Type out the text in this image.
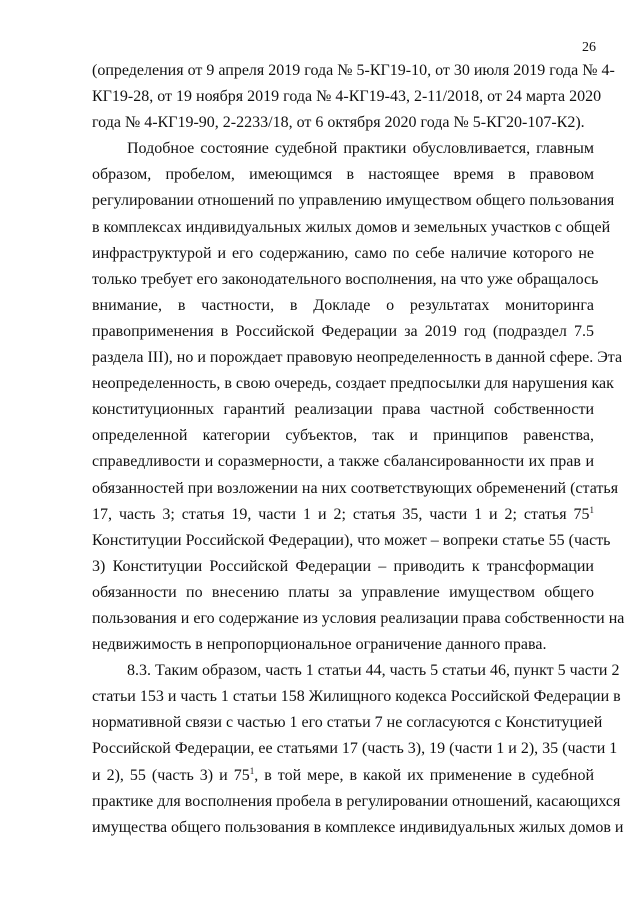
26
(определения от 9 апреля 2019 года № 5-КГ19-10, от 30 июля 2019 года № 4-
КГ19-28, от 19 ноября 2019 года № 4-КГ19-43, 2-11/2018, от 24 марта 2020
года № 4-КГ19-90, 2-2233/18, от 6 октября 2020 года № 5-КГ20-107-К2).
Подобное состояние судебной практики обусловливается, главным
образом, пробелом, имеющимся в настоящее время в правовом
регулировании отношений по управлению имуществом общего пользования
в комплексах индивидуальных жилых домов и земельных участков с общей
инфраструктурой и его содержанию, само по себе наличие которого не
только требует его законодательного восполнения, на что уже обращалось
внимание, в частности, в Докладе о результатах мониторинга
правоприменения в Российской Федерации за 2019 год (подраздел 7.5
раздела III), но и порождает правовую неопределенность в данной сфере. Эта
неопределенность, в свою очередь, создает предпосылки для нарушения как
конституционных гарантий реализации права частной собственности
определенной категории субъектов, так и принципов равенства,
справедливости и соразмерности, а также сбалансированности их прав и
обязанностей при возложении на них соответствующих обременений (статья
17, часть 3; статья 19, части 1 и 2; статья 35, части 1 и 2; статья $75^1$
Конституции Российской Федерации), что может – вопреки статье 55 (часть
3) Конституции Российской Федерации – приводить к трансформации
обязанности по внесению платы за управление имуществом общего
пользования и его содержание из условия реализации права собственности на
недвижимость в непропорциональное ограничение данного права.
8.3. Таким образом, часть 1 статьи 44, часть 5 статьи 46, пункт 5 части 2
статьи 153 и часть 1 статьи 158 Жилищного кодекса Российской Федерации в
нормативной связи с частью 1 его статьи 7 не согласуются с Конституцией
Российской Федерации, ее статьями 17 (часть 3), 19 (части 1 и 2), 35 (части 1
и 2), 55 (часть 3) и $75^1$, в той мере, в какой их применение в судебной
практике для восполнения пробела в регулировании отношений, касающихся
имущества общего пользования в комплексе индивидуальных жилых домов и
